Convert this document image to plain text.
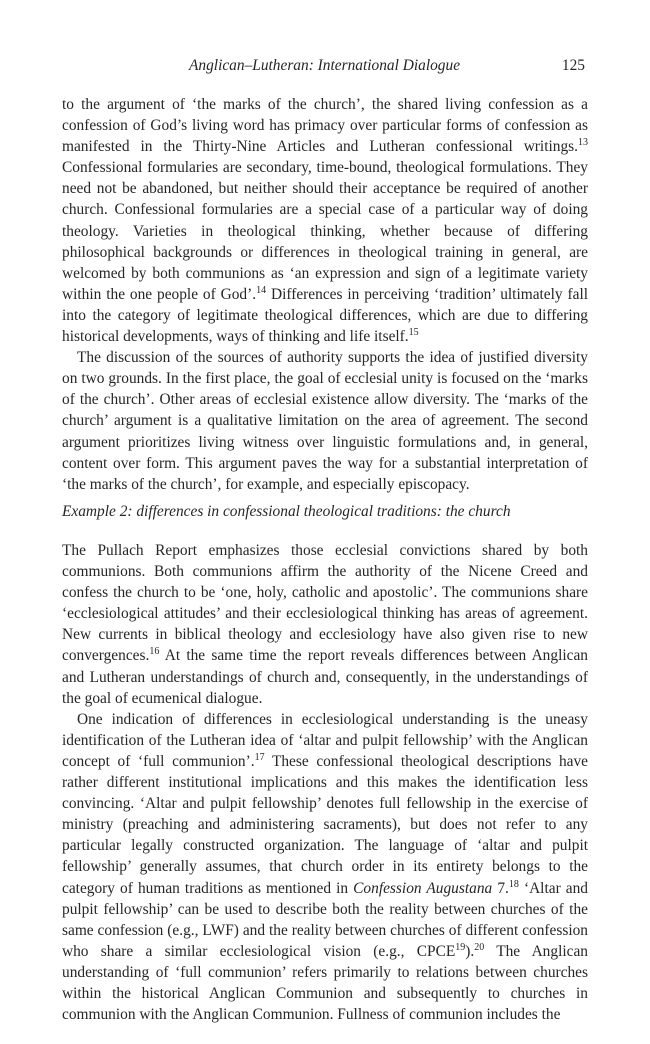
Anglican–Lutheran: International Dialogue	125

to the argument of ‘the marks of the church’, the shared living confession as a confession of God’s living word has primacy over particular forms of confession as manifested in the Thirty-Nine Articles and Lutheran confessional writings.$^{13}$ Confessional formularies are secondary, time-bound, theological formulations. They need not be abandoned, but neither should their acceptance be required of another church. Confessional formularies are a special case of a particular way of doing theology. Varieties in theological thinking, whether because of differing philosophical backgrounds or differences in theological training in general, are welcomed by both communions as ‘an expression and sign of a legitimate variety within the one people of God’.$^{14}$ Differences in perceiving ‘tradition’ ultimately fall into the category of legitimate theological differences, which are due to differing historical developments, ways of thinking and life itself.$^{15}$

The discussion of the sources of authority supports the idea of justified diversity on two grounds. In the first place, the goal of ecclesial unity is focused on the ‘marks of the church’. Other areas of ecclesial existence allow diversity. The ‘marks of the church’ argument is a qualitative limitation on the area of agreement. The second argument prioritizes living witness over linguistic formulations and, in general, content over form. This argument paves the way for a substantial interpretation of ‘the marks of the church’, for example, and especially episcopacy.

Example 2: differences in confessional theological traditions: the church

The Pullach Report emphasizes those ecclesial convictions shared by both communions. Both communions affirm the authority of the Nicene Creed and confess the church to be ‘one, holy, catholic and apostolic’. The communions share ‘ecclesiological attitudes’ and their ecclesiological thinking has areas of agreement. New currents in biblical theology and ecclesiology have also given rise to new convergences.$^{16}$ At the same time the report reveals differences between Anglican and Lutheran understandings of church and, consequently, in the understandings of the goal of ecumenical dialogue.

One indication of differences in ecclesiological understanding is the uneasy identification of the Lutheran idea of ‘altar and pulpit fellowship’ with the Anglican concept of ‘full communion’.$^{17}$ These confessional theological descriptions have rather different institutional implications and this makes the identification less convincing. ‘Altar and pulpit fellowship’ denotes full fellowship in the exercise of ministry (preaching and administering sacraments), but does not refer to any particular legally constructed organization. The language of ‘altar and pulpit fellowship’ generally assumes, that church order in its entirety belongs to the category of human traditions as mentioned in Confession Augustana 7.18 ‘Altar and pulpit fellowship’ can be used to describe both the reality between churches of the same confession (e.g., LWF) and the reality between churches of different confession who share a similar ecclesiological vision (e.g., CPCE$^{19}$).$^{20}$ The Anglican understanding of ‘full communion’ refers primarily to relations between churches within the historical Anglican Communion and subsequently to churches in communion with the Anglican Communion. Fullness of communion includes the
